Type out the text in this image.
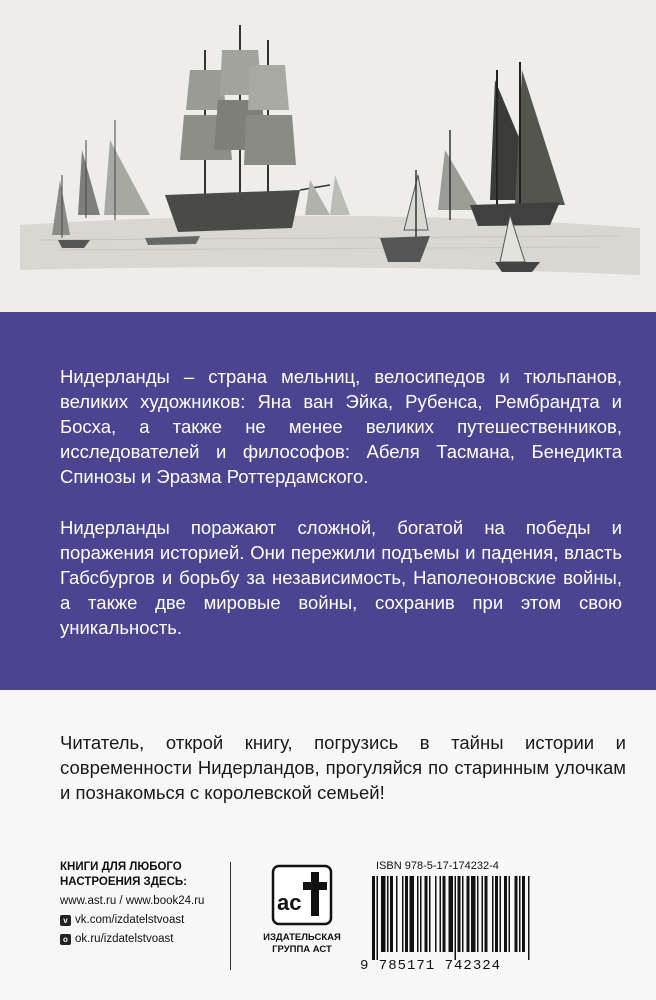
Нидерланды – страна мельниц, велосипедов и тюльпанов, великих художников: Яна ван Эйка, Рубенса, Рембрандта и Босха, а также не менее великих путешественников, исследователей и философов: Абеля Тасмана, Бенедикта Спинозы и Эразма Роттердамского.

Нидерланды поражают сложной, богатой на победы и поражения историей. Они пережили подъемы и падения, власть Габсбургов и борьбу за независимость, Наполеоновские войны, а также две мировые войны, сохранив при этом свою уникальность.

Читатель, открой книгу, погрузись в тайны истории и современности Нидерландов, прогуляйся по старинным улочкам и познакомься с королевской семьей!
КНИГИ ДЛЯ ЛЮБОГО
НАСТРОЕНИЯ ЗДЕСЬ:
www.ast.ru / www.book24.ru
v vk.com/izdatelstvoast
o ok.ru/izdatelstvoast
ас
ИЗДАТЕЛЬСКАЯ
ГРУППА АСТ
ISBN 978-5-17-174232-4
9 785171 742324
